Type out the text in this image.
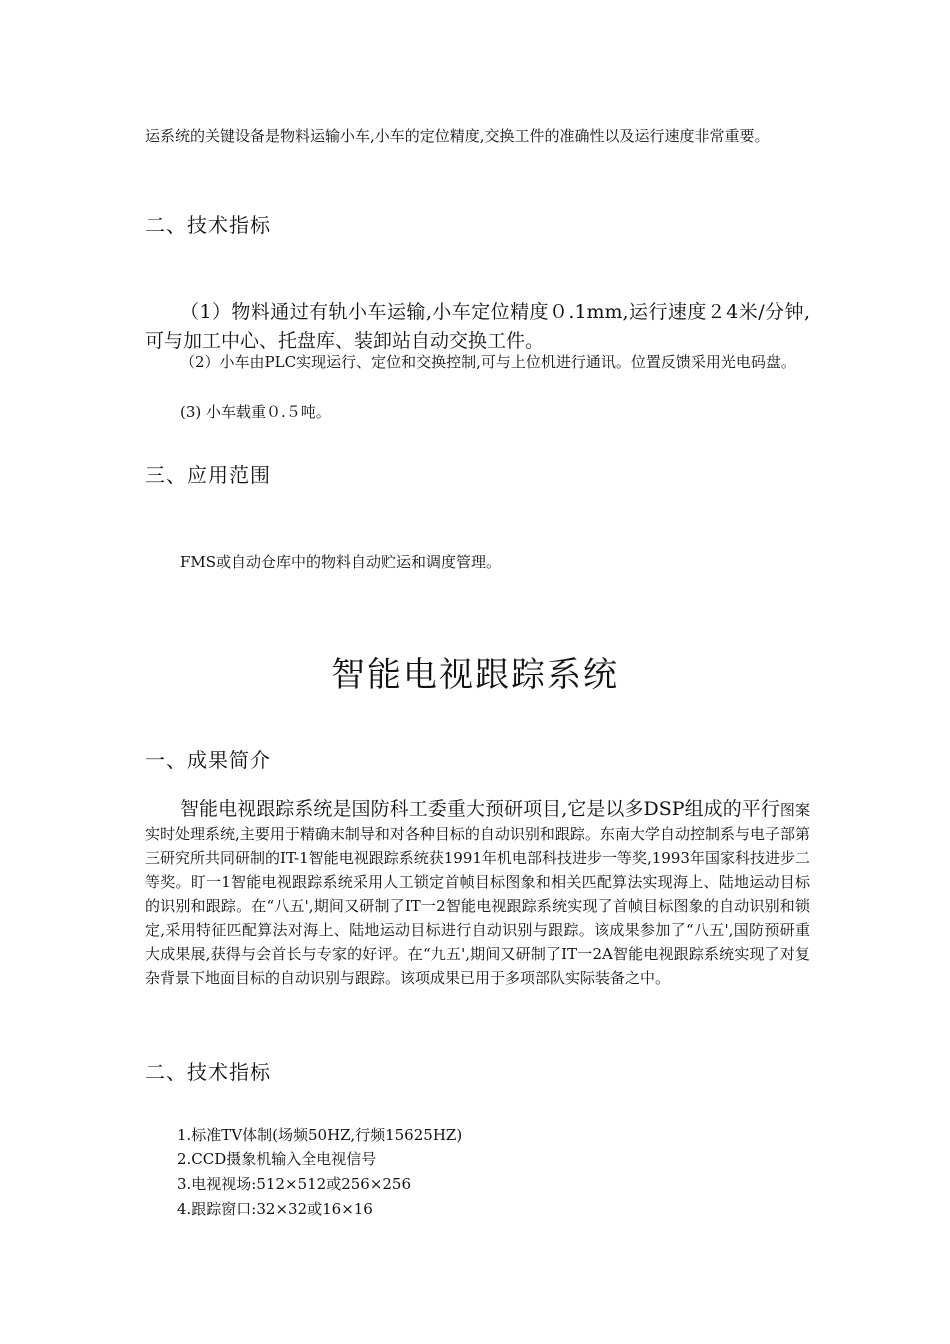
运系统的关键设备是物料运输小车,小车的定位精度,交换工件的准确性以及运行速度非常重要。

二、技术指标

（1）物料通过有轨小车运输,小车定位精度０.1mm,运行速度２4米/分钟,可与加工中心、托盘库、装卸站自动交换工件。

（2）小车由PLC实现运行、定位和交换控制,可与上位机进行通讯。位置反馈采用光电码盘。

(3) 小车载重０.５吨。

三、应用范围

FMS或自动仓库中的物料自动贮运和调度管理。

智能电视跟踪系统
一、成果简介

智能电视跟踪系统是国防科工委重大预研项目,它是以多DSP组成的平行图案实时处理系统,主要用于精确末制导和对各种目标的自动识别和跟踪。东南大学自动控制系与电子部第三研究所共同研制的IT-1智能电视跟踪系统获1991年机电部科技进步一等奖,1993年国家科技进步二等奖。盯一1智能电视跟踪系统采用人工锁定首帧目标图象和相关匹配算法实现海上、陆地运动目标的识别和跟踪。在“八五',期间又研制了IT一2智能电视跟踪系统实现了首帧目标图象的自动识别和锁定,采用特征匹配算法对海上、陆地运动目标进行自动识别与跟踪。该成果参加了“八五',国防预研重大成果展,获得与会首长与专家的好评。在“九五',期间又研制了IT一2A智能电视跟踪系统实现了对复杂背景下地面目标的自动识别与跟踪。该项成果已用于多项部队实际装备之中。

二、技术指标

1.标准TV体制(场频50HZ,行频15625HZ)

2.CCD摄象机输入全电视信号

3.电视视场:512×512或256×256

4.跟踪窗口:32×32或16×16
